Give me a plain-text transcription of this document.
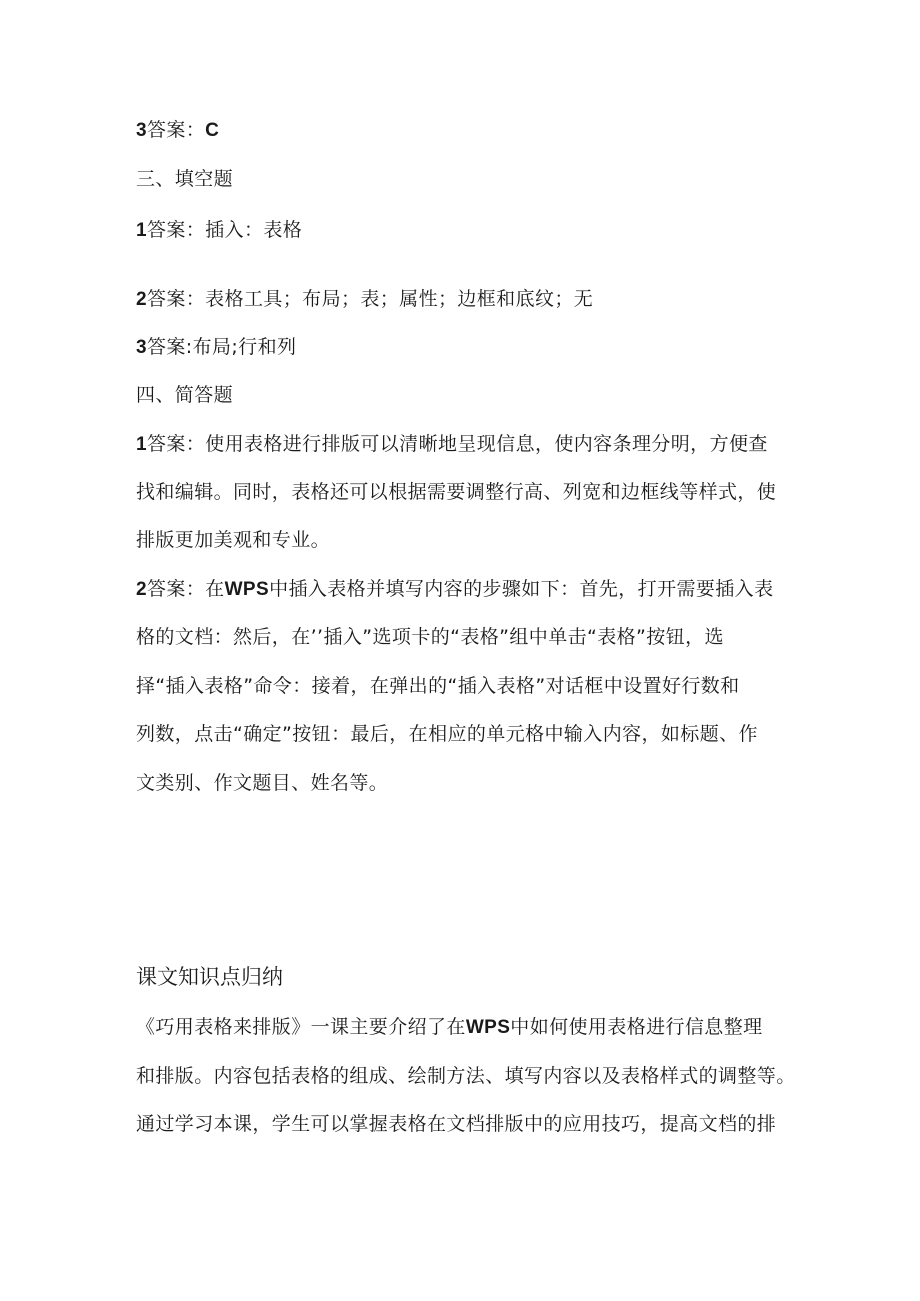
3答案：C
三、填空题
1答案：插入：表格
2答案：表格工具；布局；表；属性；边框和底纹；无
3答案:布局;行和列
四、简答题
1答案：使用表格进行排版可以清晰地呈现信息，使内容条理分明，方便查
找和编辑。同时，表格还可以根据需要调整行高、列宽和边框线等样式，使
排版更加美观和专业。
2答案：在WPS中插入表格并填写内容的步骤如下：首先，打开需要插入表
格的文档：然后，在’’插入”选项卡的“表格”组中单击“表格”按钮，选
择“插入表格”命令：接着，在弹出的“插入表格”对话框中设置好行数和
列数，点击“确定”按钮：最后，在相应的单元格中输入内容，如标题、作
文类别、作文题目、姓名等。
课文知识点归纳
《巧用表格来排版》一课主要介绍了在WPS中如何使用表格进行信息整理
和排版。内容包括表格的组成、绘制方法、填写内容以及表格样式的调整等。
通过学习本课，学生可以掌握表格在文档排版中的应用技巧，提高文档的排
